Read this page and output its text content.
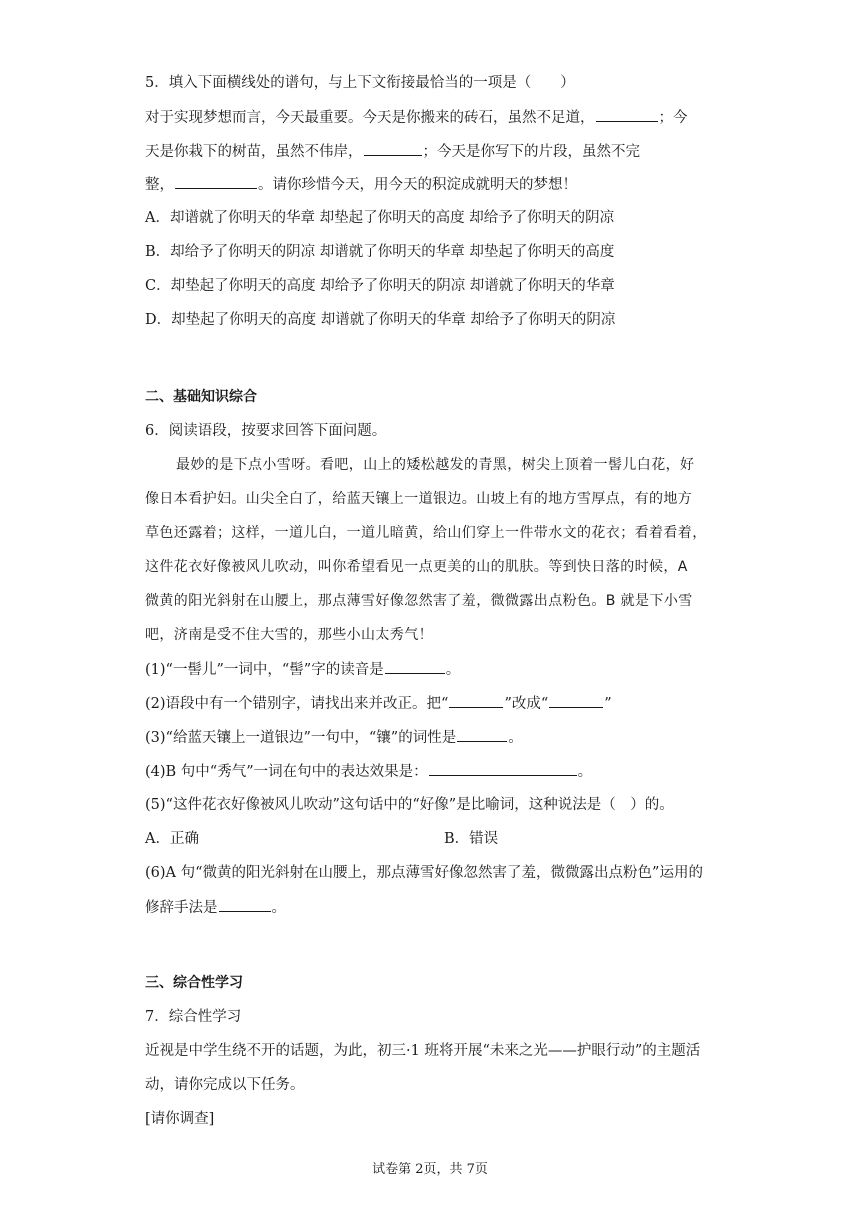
5．填入下面横线处的谱句，与上下文衔接最恰当的一项是（　　）
对于实现梦想而言，今天最重要。今天是你搬来的砖石，虽然不足道，	；今
天是你栽下的树苗，虽然不伟岸，	；今天是你写下的片段，虽然不完
整，	。请你珍惜今天，用今天的积淀成就明天的梦想！
A．却谱就了你明天的华章 却垫起了你明天的高度 却给予了你明天的阴凉
B．却给予了你明天的阴凉 却谱就了你明天的华章 却垫起了你明天的高度
C．却垫起了你明天的高度 却给予了你明天的阴凉 却谱就了你明天的华章
D．却垫起了你明天的高度 却谱就了你明天的华章 却给予了你明天的阴凉
二、基础知识综合
6．阅读语段，按要求回答下面问题。
最妙的是下点小雪呀。看吧，山上的矮松越发的青黑，树尖上顶着一髻儿白花，好
像日本看护妇。山尖全白了，给蓝天镶上一道银边。山坡上有的地方雪厚点，有的地方
草色还露着；这样，一道儿白，一道儿暗黄，给山们穿上一件带水文的花衣；看着看着，
这件花衣好像被风儿吹动，叫你希望看见一点更美的山的肌肤。等到快日落的时候，A
微黄的阳光斜射在山腰上，那点薄雪好像忽然害了羞，微微露出点粉色。B 就是下小雪
吧，济南是受不住大雪的，那些小山太秀气！
(1)“一髻儿”一词中，“髻”字的读音是	。
(2)语段中有一个错别字，请找出来并改正。把“	”改成“	”
(3)“给蓝天镶上一道银边”一句中，“镶”的词性是	。
(4)B 句中“秀气”一词在句中的表达效果是：	。
(5)“这件花衣好像被风儿吹动”这句话中的“好像”是比喻词，这种说法是（　）的。
A．正确	B．错误
(6)A 句“微黄的阳光斜射在山腰上，那点薄雪好像忽然害了羞，微微露出点粉色”运用的
修辞手法是	。
三、综合性学习
7．综合性学习
近视是中学生绕不开的话题，为此，初三·1 班将开展“未来之光——护眼行动”的主题活
动，请你完成以下任务。
[请你调查]
试卷第 2页，共 7页
